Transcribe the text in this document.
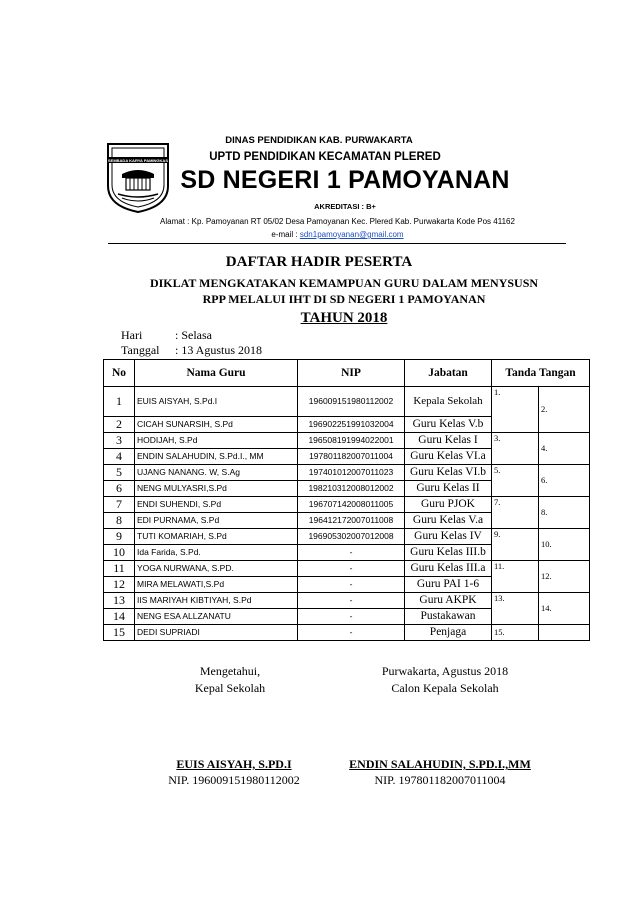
SEMBADA KARYA PAMINGKAS
DINAS PENDIDIKAN KAB. PURWAKARTA
UPTD PENDIDIKAN KECAMATAN PLERED
SD NEGERI 1 PAMOYANAN
AKREDITASI : B+
Alamat : Kp. Pamoyanan RT 05/02 Desa Pamoyanan Kec. Plered Kab. Purwakarta Kode Pos 41162
e-mail : sdn1pamoyanan@gmail.com
DAFTAR HADIR PESERTA
DIKLAT MENGKATAKAN KEMAMPUAN GURU DALAM MENYSUSN
RPP MELALUI IHT DI SD NEGERI 1 PAMOYANAN
TAHUN 2018
Hari	: Selasa
Tanggal : 13 Agustus 2018
No	Nama Guru	NIP	Jabatan	Tanda Tangan	
1	EUIS AISYAH, S.Pd.I	196009151980112002	Kepala Sekolah	1.	2.
2	CICAH SUNARSIH, S.Pd	196902251991032004	Guru Kelas V.b		
3	HODIJAH, S.Pd	196508191994022001	Guru Kelas I	3.	4.
4	ENDIN SALAHUDIN, S.Pd.I., MM	197801182007011004	Guru Kelas VI.a		
5	UJANG NANANG. W, S.Ag	197401012007011023	Guru Kelas VI.b	5.	6.
6	NENG MULYASRI,S.Pd	198210312008012002	Guru Kelas II		
7	ENDI SUHENDI, S.Pd	196707142008011005	Guru PJOK	7.	8.
8	EDI PURNAMA, S.Pd	196412172007011008	Guru Kelas V.a		
9	TUTI KOMARIAH, S.Pd	196905302007012008	Guru Kelas IV	9.	10.
10	Ida Farida, S.Pd.	-	Guru Kelas III.b		
11	YOGA NURWANA, S.PD.	-	Guru Kelas III.a	11.	12.
12	MIRA MELAWATI,S.Pd	-	Guru PAI 1-6		
13	IIS MARIYAH KIBTIYAH, S.Pd	-	Guru AKPK	13.	14.
14	NENG ESA ALLZANATU	-	Pustakawan		
15	DEDI SUPRIADI	-	Penjaga	15.	
Mengetahui,
Kepal Sekolah
Purwakarta, Agustus 2018
Calon Kepala Sekolah
EUIS AISYAH, S.PD.I
NIP. 196009151980112002
ENDIN SALAHUDIN, S.PD.I.,MM
NIP. 197801182007011004
